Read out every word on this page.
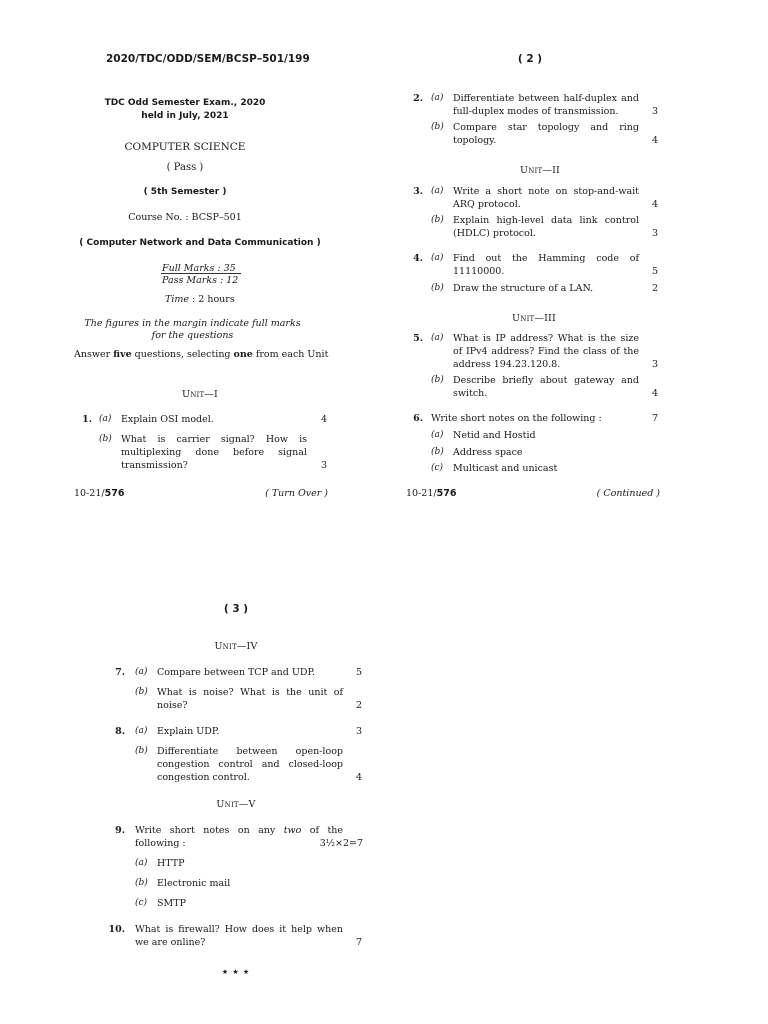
2020/TDC/ODD/SEM/BCSP–501/199
TDC Odd Semester Exam., 2020
held in July, 2021
COMPUTER SCIENCE
( Pass )
( 5th Semester )
Course No. : BCSP–501
( Computer Network and Data Communication )
Full Marks : 35
Pass Marks : 12
Time : 2 hours
The figures in the margin indicate full marks
for the questions
Answer five questions, selecting one from each Unit
Unit—I
1. (a) Explain OSI model.	4
(b) What is carrier signal? How is multiplexing done before signal transmission?	3
10-21/576	( Turn Over )
( 2 )
2. (a) Differentiate between half-duplex and full-duplex modes of transmission.	3
(b) Compare star topology and ring topology.	4
Unit—II
3. (a) Write a short note on stop-and-wait ARQ protocol.	4
(b) Explain high-level data link control (HDLC) protocol.	3
4. (a) Find out the Hamming code of 11110000.	5
(b) Draw the structure of a LAN.	2
Unit—III
5. (a) What is IP address? What is the size of IPv4 address? Find the class of the address 194.23.120.8.	3
(b) Describe briefly about gateway and switch.	4
6. Write short notes on the following :	7
(a) Netid and Hostid
(b) Address space
(c) Multicast and unicast
10-21/576	( Continued )
( 3 )
Unit—IV
7. (a) Compare between TCP and UDP.	5
(b) What is noise? What is the unit of noise?	2
8. (a) Explain UDP.	3
(b) Differentiate between open-loop congestion control and closed-loop congestion control.	4
Unit—V
9. Write short notes on any two of the following :	3½×2=7
(a) HTTP
(b) Electronic mail
(c) SMTP
10. What is firewall? How does it help when we are online?	7
★ ★ ★
